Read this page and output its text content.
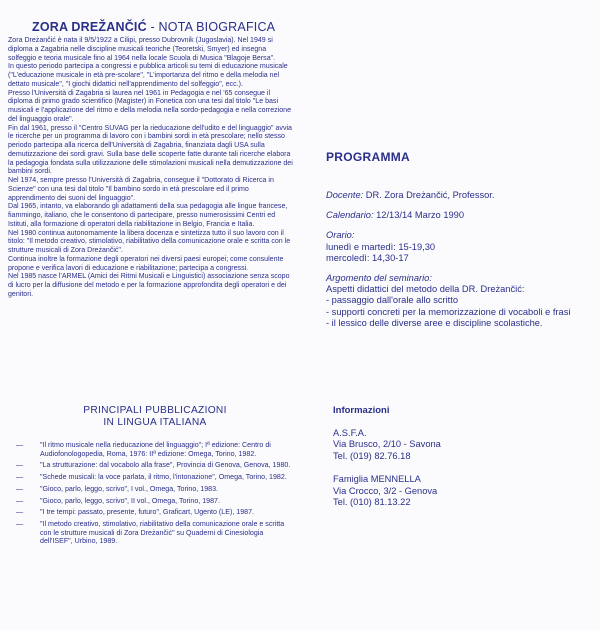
ZORA DREŽANČIĆ - NOTA BIOGRAFICA

Zora Dreżančić è nata il 9/5/1922 a Cilipi, presso Dubrovnik (Jugoslavia). Nel 1949 si diploma a Zagabria nelle discipline musicali teoriche (Teoretski, Smyer) ed insegna solfeggio e teoria musicale fino al 1964 nella locale Scuola di Musica "Blagoje Bersa".

In questo periodo partecipa a congressi e pubblica articoli su temi di educazione musicale ("L'educazione musicale in età pre-scolare", "L'importanza del ritmo e della melodia nel dettato musicale", "I giochi didattici nell'apprendimento del solfeggio", ecc.).

Presso l'Università di Zagabria si laurea nel 1961 in Pedagogia e nel '65 consegue il diploma di primo grado scientifico (Magister) in Fonetica con una tesi dal titolo "Le basi musicali e l'applicazione del ritmo e della melodia nella sordo-pedagogia e nella correzione del linguaggio orale".

Fin dal 1961, presso il "Centro SUVAG per la rieducazione dell'udito e del linguaggio" avvia le ricerche per un programma di lavoro con i bambini sordi in età prescolare; nello stesso periodo partecipa alla ricerca dell'Università di Zagabria, finanziata dagli USA sulla demutizzazione dei sordi gravi. Sulla base delle scoperte fatte durante tali ricerche elabora la pedagogia fondata sulla utilizzazione delle stimolazioni musicali nella demutizzazione dei bambini sordi.

Nel 1974, sempre presso l'Università di Zagabria, consegue il "Dottorato di Ricerca in Scienze" con una tesi dal titolo "Il bambino sordo in età prescolare ed il primo apprendimento dei suoni del linguaggio".

Dal 1965, intanto, va elaborando gli adattamenti della sua pedagogia alle lingue francese, fiammingo, italiano, che le consentono di partecipare, presso numerosissimi Centri ed Istituti, alla formazione di operatori della riabilitazione in Belgio, Francia e Italia.

Nel 1980 continua autonomamente la libera docenza e sintetizza tutto il suo lavoro con il titolo: "Il metodo creativo, stimolativo, riabilitativo della comunicazione orale e scritta con le strutture musicali di Zora Dreżančić".

Continua inoltre la formazione degli operatori nei diversi paesi europei; come consulente propone e verifica lavori di educazione e riabilitazione; partecipa a congressi.

Nel 1985 nasce l'ARMEL (Amici dei Ritmi Musicali e Linguistici) associazione senza scopo di lucro per la diffusione del metodo e per la formazione approfondita degli operatori e dei genitori.

PROGRAMMA

Docente: DR. Zora Dreżančić, Professor.

Calendario: 12/13/14 Marzo 1990

Orario:

lunedì e martedì: 15-19,30

mercoledì: 14,30-17

Argomento del seminario:

Aspetti didattici del metodo della DR. Dreżančić:

- passaggio dall'orale allo scritto

- supporti concreti per la memorizzazione di vocaboli e frasi

- il lessico delle diverse aree e discipline scolastiche.

PRINCIPALI PUBBLICAZIONI
IN LINGUA ITALIANA
— "Il ritmo musicale nella rieducazione del linguaggio"; Iª edizione: Centro di Audiofonologopedia, Roma, 1976: IIª edizione: Omega, Torino, 1982.
— "La strutturazione: dal vocabolo alla frase", Provincia di Genova, Genova, 1980.
— "Schede musicali: la voce parlata, il ritmo, l'intonazione", Omega, Torino, 1982.
— "Gioco, parlo, leggo, scrivo", I vol., Omega, Torino, 1983.
— "Gioco, parlo, leggo, scrivo", II vol., Omega, Torino, 1987.
— "I tre tempi: passato, presente, futuro", Graficart, Ugento (LE), 1987.
— "Il metodo creativo, stimolativo, riabilitativo della comunicazione orale e scritta con le strutture musicali di Zora Dreżančić" su Quaderni di Cinesiologia dell'ISEF", Urbino, 1989.
Informazioni

A.S.F.A.

Via Brusco, 2/10 - Savona

Tel. (019) 82.76.18

Famiglia MENNELLA

Via Crocco, 3/2 - Genova

Tel. (010) 81.13.22
